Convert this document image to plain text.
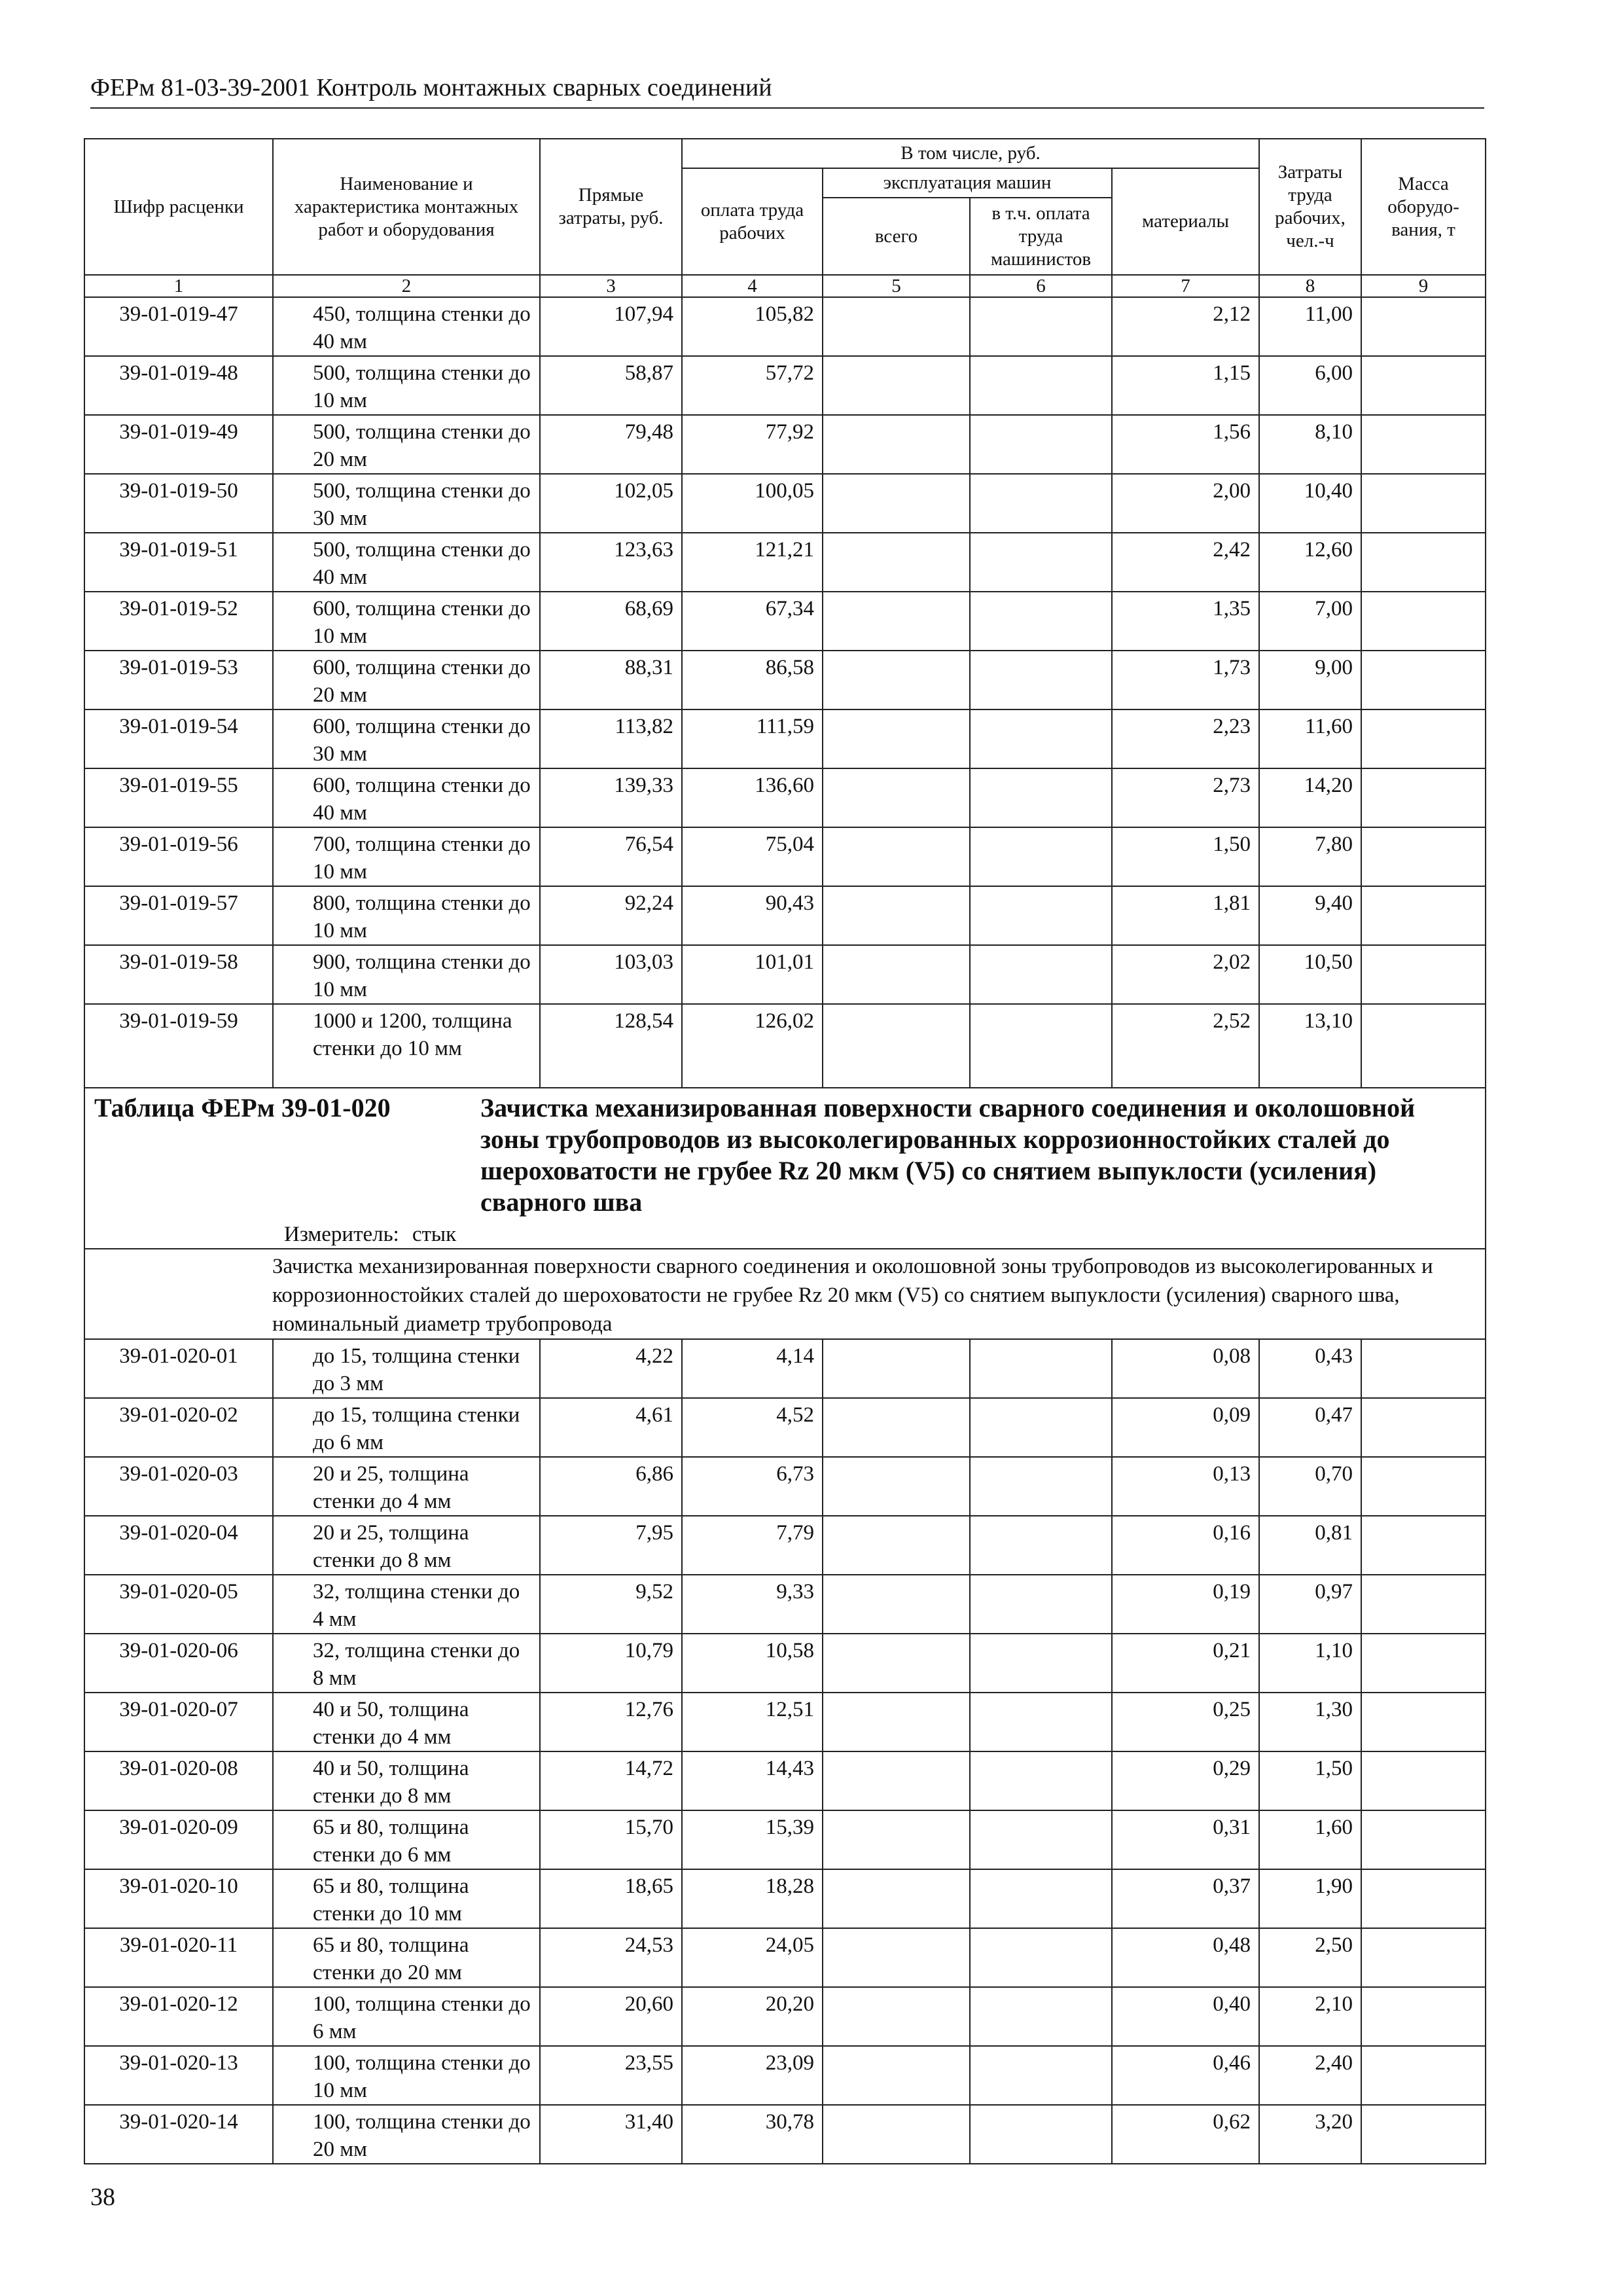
ФЕРм 81-03-39-2001 Контроль монтажных сварных соединений
Шифр расценки	Наименование и характеристика монтажных работ и оборудования	Прямые затраты, руб.	В том числе, руб.				Затраты труда рабочих, чел.-ч	Масса оборудо-вания, т
			оплата труда рабочих	эксплуатация машин		материалы		
				всего	в т.ч. оплата труда машинистов			
1	2	3	4	5	6	7	8	9
39-01-019-47	450, толщина стенки до 40 мм	107,94	105,82			2,12	11,00	
39-01-019-48	500, толщина стенки до 10 мм	58,87	57,72			1,15	6,00	
39-01-019-49	500, толщина стенки до 20 мм	79,48	77,92			1,56	8,10	
39-01-019-50	500, толщина стенки до 30 мм	102,05	100,05			2,00	10,40	
39-01-019-51	500, толщина стенки до 40 мм	123,63	121,21			2,42	12,60	
39-01-019-52	600, толщина стенки до 10 мм	68,69	67,34			1,35	7,00	
39-01-019-53	600, толщина стенки до 20 мм	88,31	86,58			1,73	9,00	
39-01-019-54	600, толщина стенки до 30 мм	113,82	111,59			2,23	11,60	
39-01-019-55	600, толщина стенки до 40 мм	139,33	136,60			2,73	14,20	
39-01-019-56	700, толщина стенки до 10 мм	76,54	75,04			1,50	7,80	
39-01-019-57	800, толщина стенки до 10 мм	92,24	90,43			1,81	9,40	
39-01-019-58	900, толщина стенки до 10 мм	103,03	101,01			2,02	10,50	
39-01-019-59	1000 и 1200, толщина стенки до 10 мм	128,54	126,02			2,52	13,10	

Таблица ФЕРм 39-01-020 Зачистка механизированная поверхности сварного соединения и околошовной зоны трубопроводов из высоколегированных коррозионностойких сталей до шероховатости не грубее Rz 20 мкм (V5) со снятием выпуклости (усиления) сварного шва
Измеритель: стык								

Зачистка механизированная поверхности сварного соединения и околошовной зоны трубопроводов из высоколегированных и коррозионностойких сталей до шероховатости не грубее Rz 20 мкм (V5) со снятием выпуклости (усиления) сварного шва, номинальный диаметр трубопровода								
39-01-020-01	до 15, толщина стенки до 3 мм	4,22	4,14			0,08	0,43	
39-01-020-02	до 15, толщина стенки до 6 мм	4,61	4,52			0,09	0,47	
39-01-020-03	20 и 25, толщина стенки до 4 мм	6,86	6,73			0,13	0,70	
39-01-020-04	20 и 25, толщина стенки до 8 мм	7,95	7,79			0,16	0,81	
39-01-020-05	32, толщина стенки до 4 мм	9,52	9,33			0,19	0,97	
39-01-020-06	32, толщина стенки до 8 мм	10,79	10,58			0,21	1,10	
39-01-020-07	40 и 50, толщина стенки до 4 мм	12,76	12,51			0,25	1,30	
39-01-020-08	40 и 50, толщина стенки до 8 мм	14,72	14,43			0,29	1,50	
39-01-020-09	65 и 80, толщина стенки до 6 мм	15,70	15,39			0,31	1,60	
39-01-020-10	65 и 80, толщина стенки до 10 мм	18,65	18,28			0,37	1,90	
39-01-020-11	65 и 80, толщина стенки до 20 мм	24,53	24,05			0,48	2,50	
39-01-020-12	100, толщина стенки до 6 мм	20,60	20,20			0,40	2,10	
39-01-020-13	100, толщина стенки до 10 мм	23,55	23,09			0,46	2,40	
39-01-020-14	100, толщина стенки до 20 мм	31,40	30,78			0,62	3,20	
38
